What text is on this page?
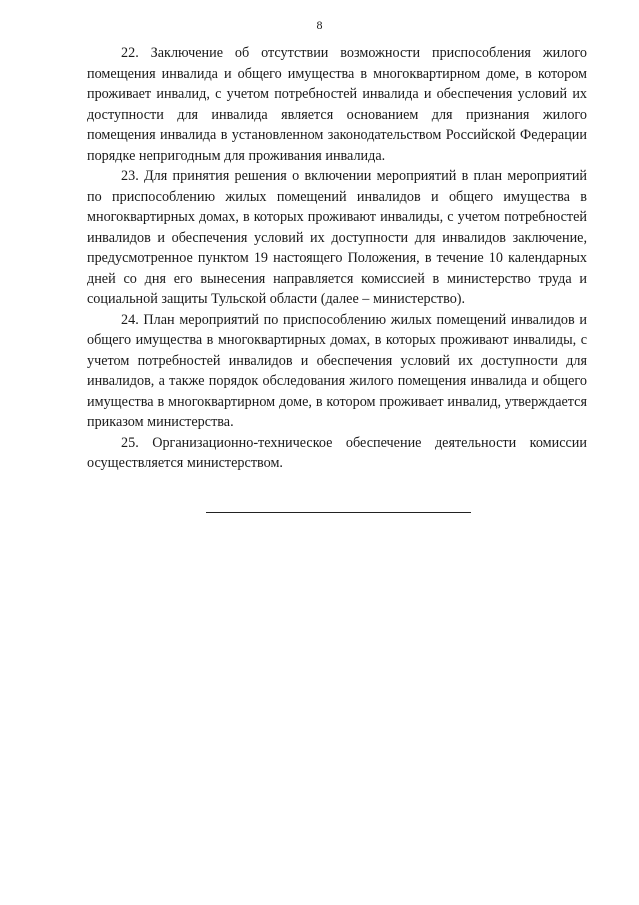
8

22. Заключение об отсутствии возможности приспособления жилого помещения инвалида и общего имущества в многоквартирном доме, в котором проживает инвалид, с учетом потребностей инвалида и обеспечения условий их доступности для инвалида является основанием для признания жилого помещения инвалида в установленном законодательством Российской Федерации порядке непригодным для проживания инвалида.

23. Для принятия решения о включении мероприятий в план мероприятий по приспособлению жилых помещений инвалидов и общего имущества в многоквартирных домах, в которых проживают инвалиды, с учетом потребностей инвалидов и обеспечения условий их доступности для инвалидов заключение, предусмотренное пунктом 19 настоящего Положения, в течение 10 календарных дней со дня его вынесения направляется комиссией в министерство труда и социальной защиты Тульской области (далее – министерство).

24. План мероприятий по приспособлению жилых помещений инвалидов и общего имущества в многоквартирных домах, в которых проживают инвалиды, с учетом потребностей инвалидов и обеспечения условий их доступности для инвалидов, а также порядок обследования жилого помещения инвалида и общего имущества в многоквартирном доме, в котором проживает инвалид, утверждается приказом министерства.

25. Организационно-техническое обеспечение деятельности комиссии осуществляется министерством.
